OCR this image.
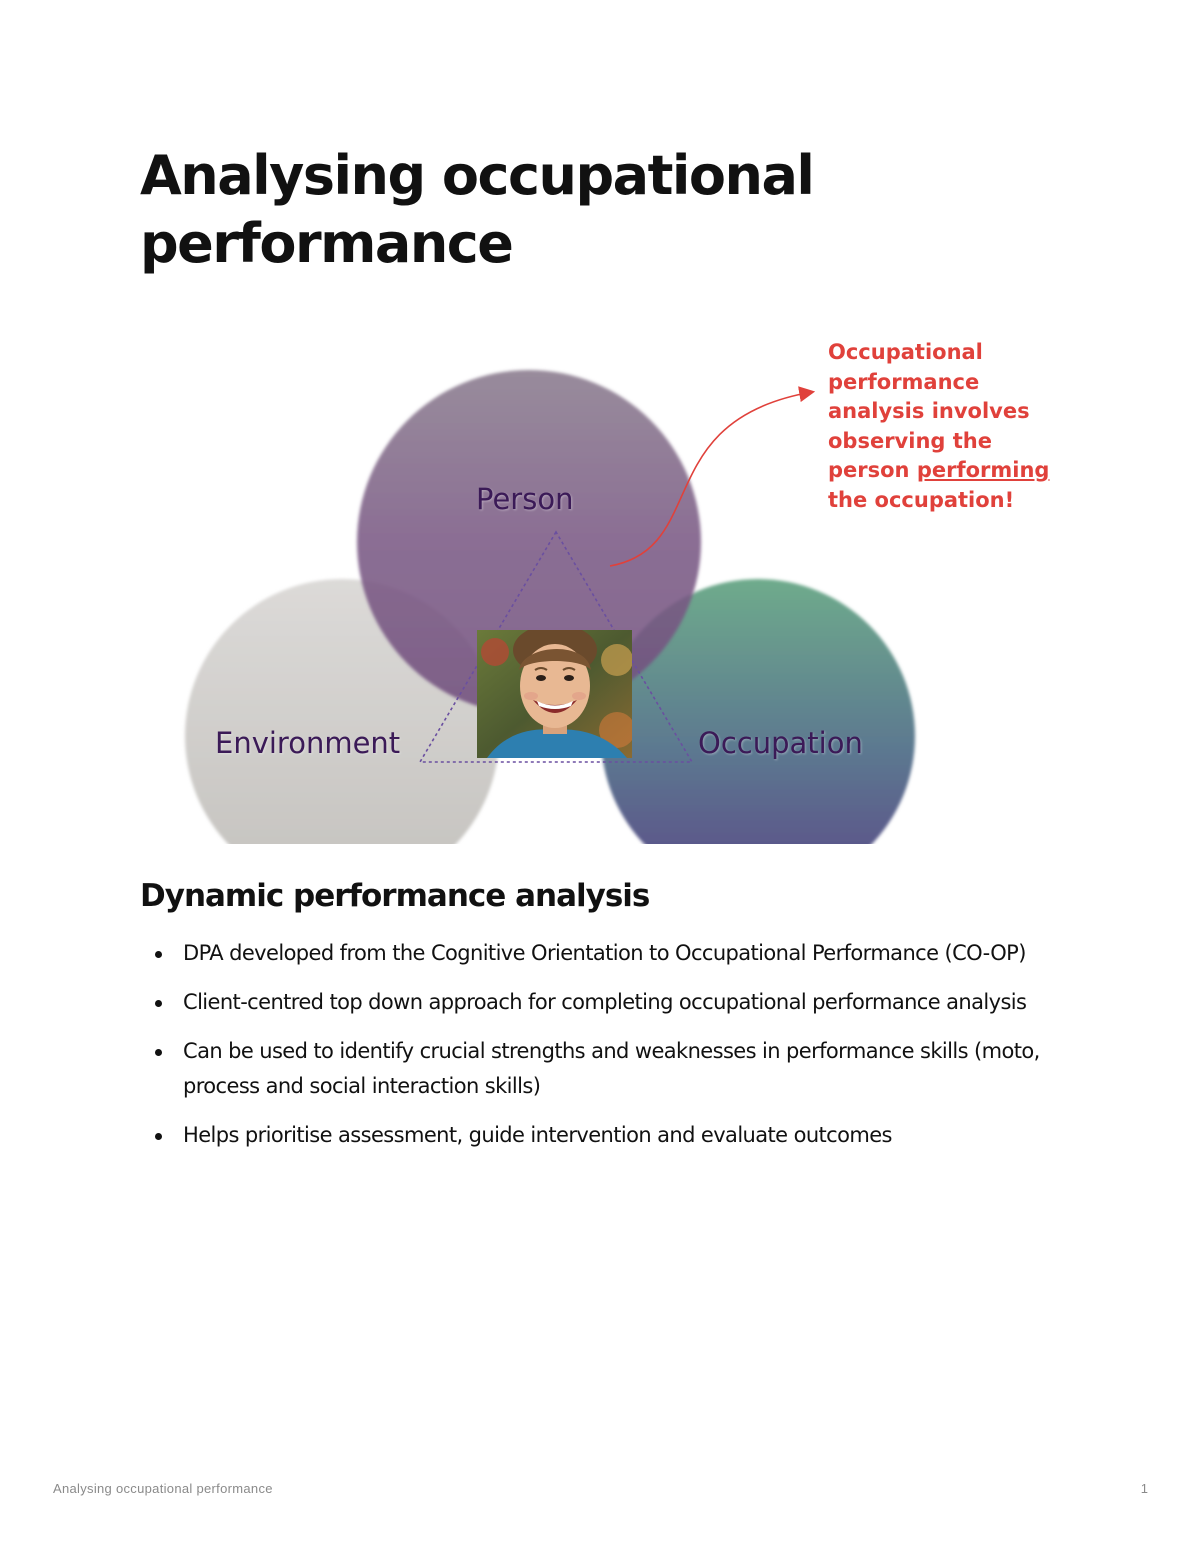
Analysing occupational performance
Person
Environment	Occupation
Occupational performance analysis involves observing the person performing the occupation!
Dynamic performance analysis
DPA developed from the Cognitive Orientation to Occupational Performance (CO-OP)
Client-centred top down approach for completing occupational performance analysis
Can be used to identify crucial strengths and weaknesses in performance skills (moto, process and social interaction skills)
Helps prioritise assessment, guide intervention and evaluate outcomes
Analysing occupational performance	1
